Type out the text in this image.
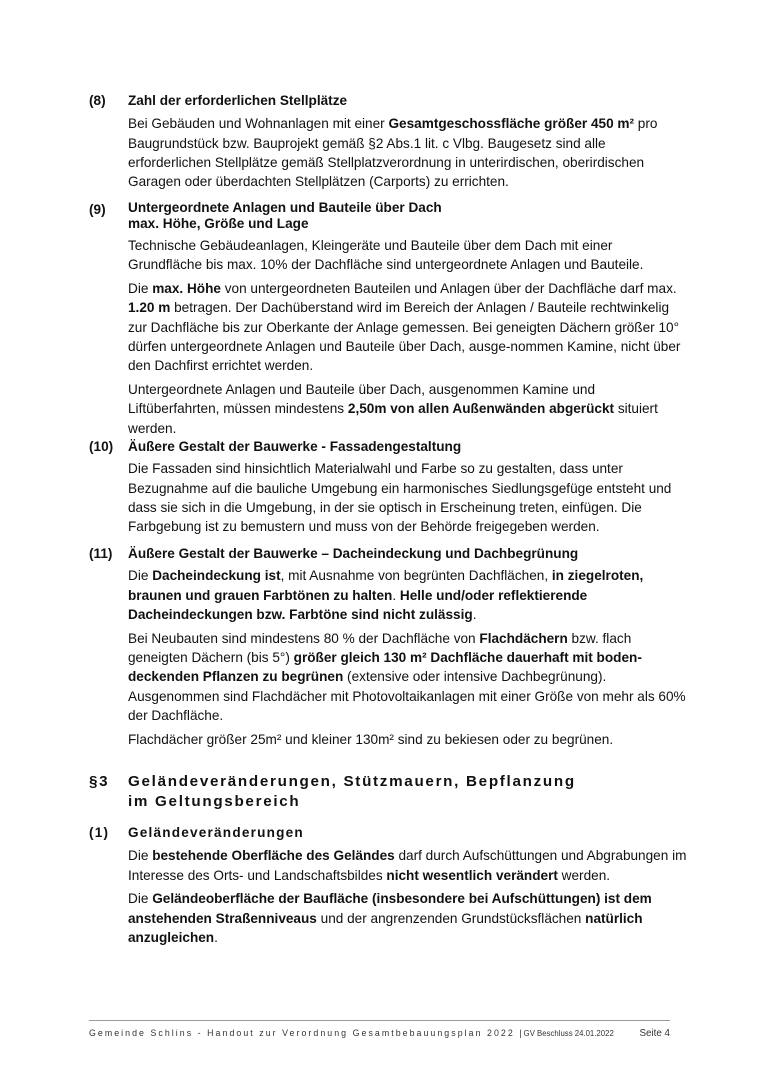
(8)	Zahl der erforderlichen Stellplätze

Bei Gebäuden und Wohnanlagen mit einer Gesamtgeschossfläche größer 450 m² pro Baugrundstück bzw. Bauprojekt gemäß §2 Abs.1 lit. c Vlbg. Baugesetz sind alle erforderlichen Stellplätze gemäß Stellplatzverordnung in unterirdischen, oberirdischen Garagen oder überdachten Stellplätzen (Carports) zu errichten.

(9)	Untergeordnete Anlagen und Bauteile über Dach
max. Höhe, Größe und Lage

Technische Gebäudeanlagen, Kleingeräte und Bauteile über dem Dach mit einer Grundfläche bis max. 10% der Dachfläche sind untergeordnete Anlagen und Bauteile.

Die max. Höhe von untergeordneten Bauteilen und Anlagen über der Dachfläche darf max. 1.20 m betragen. Der Dachüberstand wird im Bereich der Anlagen / Bauteile rechtwinkelig zur Dachfläche bis zur Oberkante der Anlage gemessen. Bei geneigten Dächern größer 10° dürfen untergeordnete Anlagen und Bauteile über Dach, ausge-nommen Kamine, nicht über den Dachfirst errichtet werden.

Untergeordnete Anlagen und Bauteile über Dach, ausgenommen Kamine und Liftüberfahrten, müssen mindestens 2,50m von allen Außenwänden abgerückt situiert werden.

(10)	Äußere Gestalt der Bauwerke - Fassadengestaltung

Die Fassaden sind hinsichtlich Materialwahl und Farbe so zu gestalten, dass unter Bezugnahme auf die bauliche Umgebung ein harmonisches Siedlungsgefüge entsteht und dass sie sich in die Umgebung, in der sie optisch in Erscheinung treten, einfügen. Die Farbgebung ist zu bemustern und muss von der Behörde freigegeben werden.

(11)	Äußere Gestalt der Bauwerke – Dacheindeckung und Dachbegrünung

Die Dacheindeckung ist, mit Ausnahme von begrünten Dachflächen, in ziegelroten, braunen und grauen Farbtönen zu halten. Helle und/oder reflektierende Dacheindeckungen bzw. Farbtöne sind nicht zulässig.

Bei Neubauten sind mindestens 80 % der Dachfläche von Flachdächern bzw. flach geneigten Dächern (bis 5°) größer gleich 130 m² Dachfläche dauerhaft mit boden-deckenden Pflanzen zu begrünen (extensive oder intensive Dachbegrünung). Ausgenommen sind Flachdächer mit Photovoltaikanlagen mit einer Größe von mehr als 60% der Dachfläche.

Flachdächer größer 25m² und kleiner 130m² sind zu bekiesen oder zu begrünen.

§3	Geländeveränderungen, Stützmauern, Bepflanzung
im Geltungsbereich
(1)	Geländeveränderungen

Die bestehende Oberfläche des Geländes darf durch Aufschüttungen und Abgrabungen im Interesse des Orts- und Landschaftsbildes nicht wesentlich verändert werden.

Die Geländeoberfläche der Baufläche (insbesondere bei Aufschüttungen) ist dem anstehenden Straßenniveaus und der angrenzenden Grundstücksflächen natürlich anzugleichen.

Gemeinde Schlins - Handout zur Verordnung Gesamtbebauungsplan 2022 |GV Beschluss 24.01.2022	Seite 4
